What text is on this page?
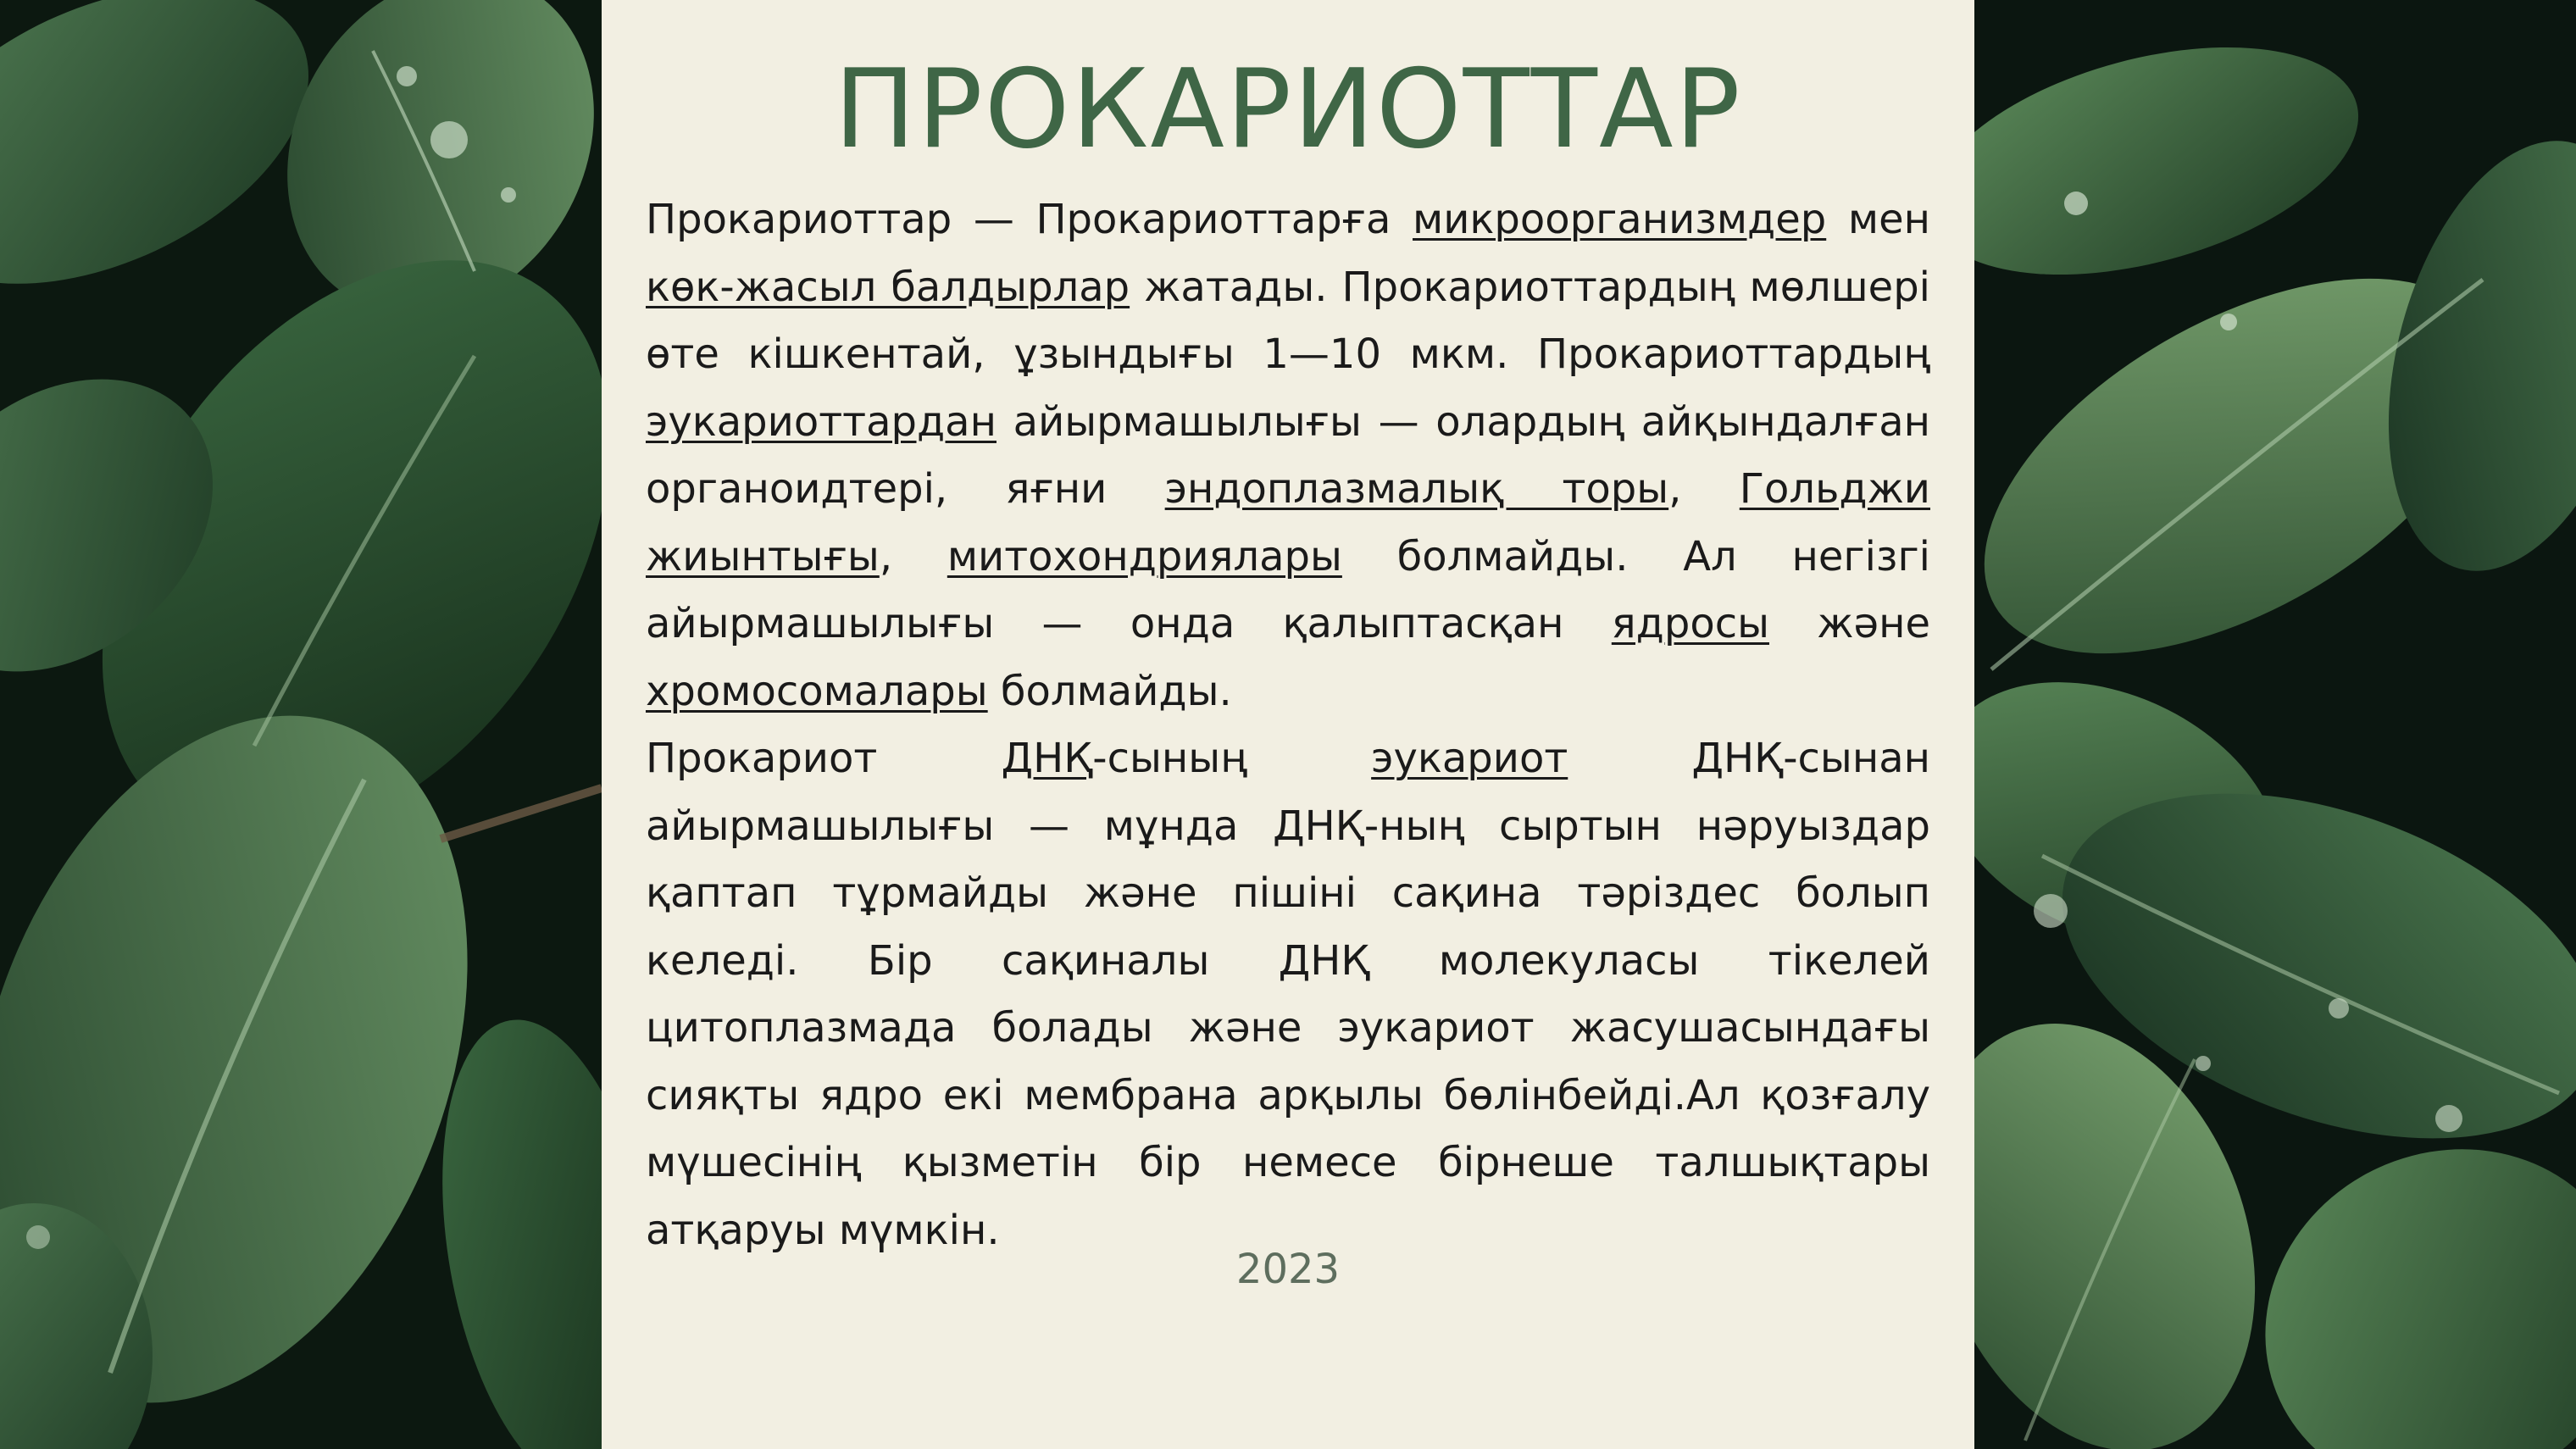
ПРОКАРИОТТАР

Прокариоттар — Прокариоттарға микроорганизмдер мен көк-жасыл балдырлар жатады. Прокариоттардың мөлшері өте кішкентай, ұзындығы 1—10 мкм. Прокариоттардың эукариоттардан айырмашылығы — олардың айқындалған органоидтері, яғни эндоплазмалық торы, Гольджи жиынтығы, митохондриялары болмайды. Ал негізгі айырмашылығы — онда қалыптасқан ядросы және хромосомалары болмайды.

Прокариот ДНҚ-сының эукариот ДНҚ-сынан айырмашылығы — мұнда ДНҚ-ның сыртын нәруыздар қаптап тұрмайды және пішіні сақина тәріздес болып келеді. Бір сақиналы ДНҚ молекуласы тікелей цитоплазмада болады және эукариот жасушасындағы сияқты ядро екі мембрана арқылы бөлінбейді.Ал қозғалу мүшесінің қызметін бір немесе бірнеше талшықтары атқаруы мүмкін.

2023
